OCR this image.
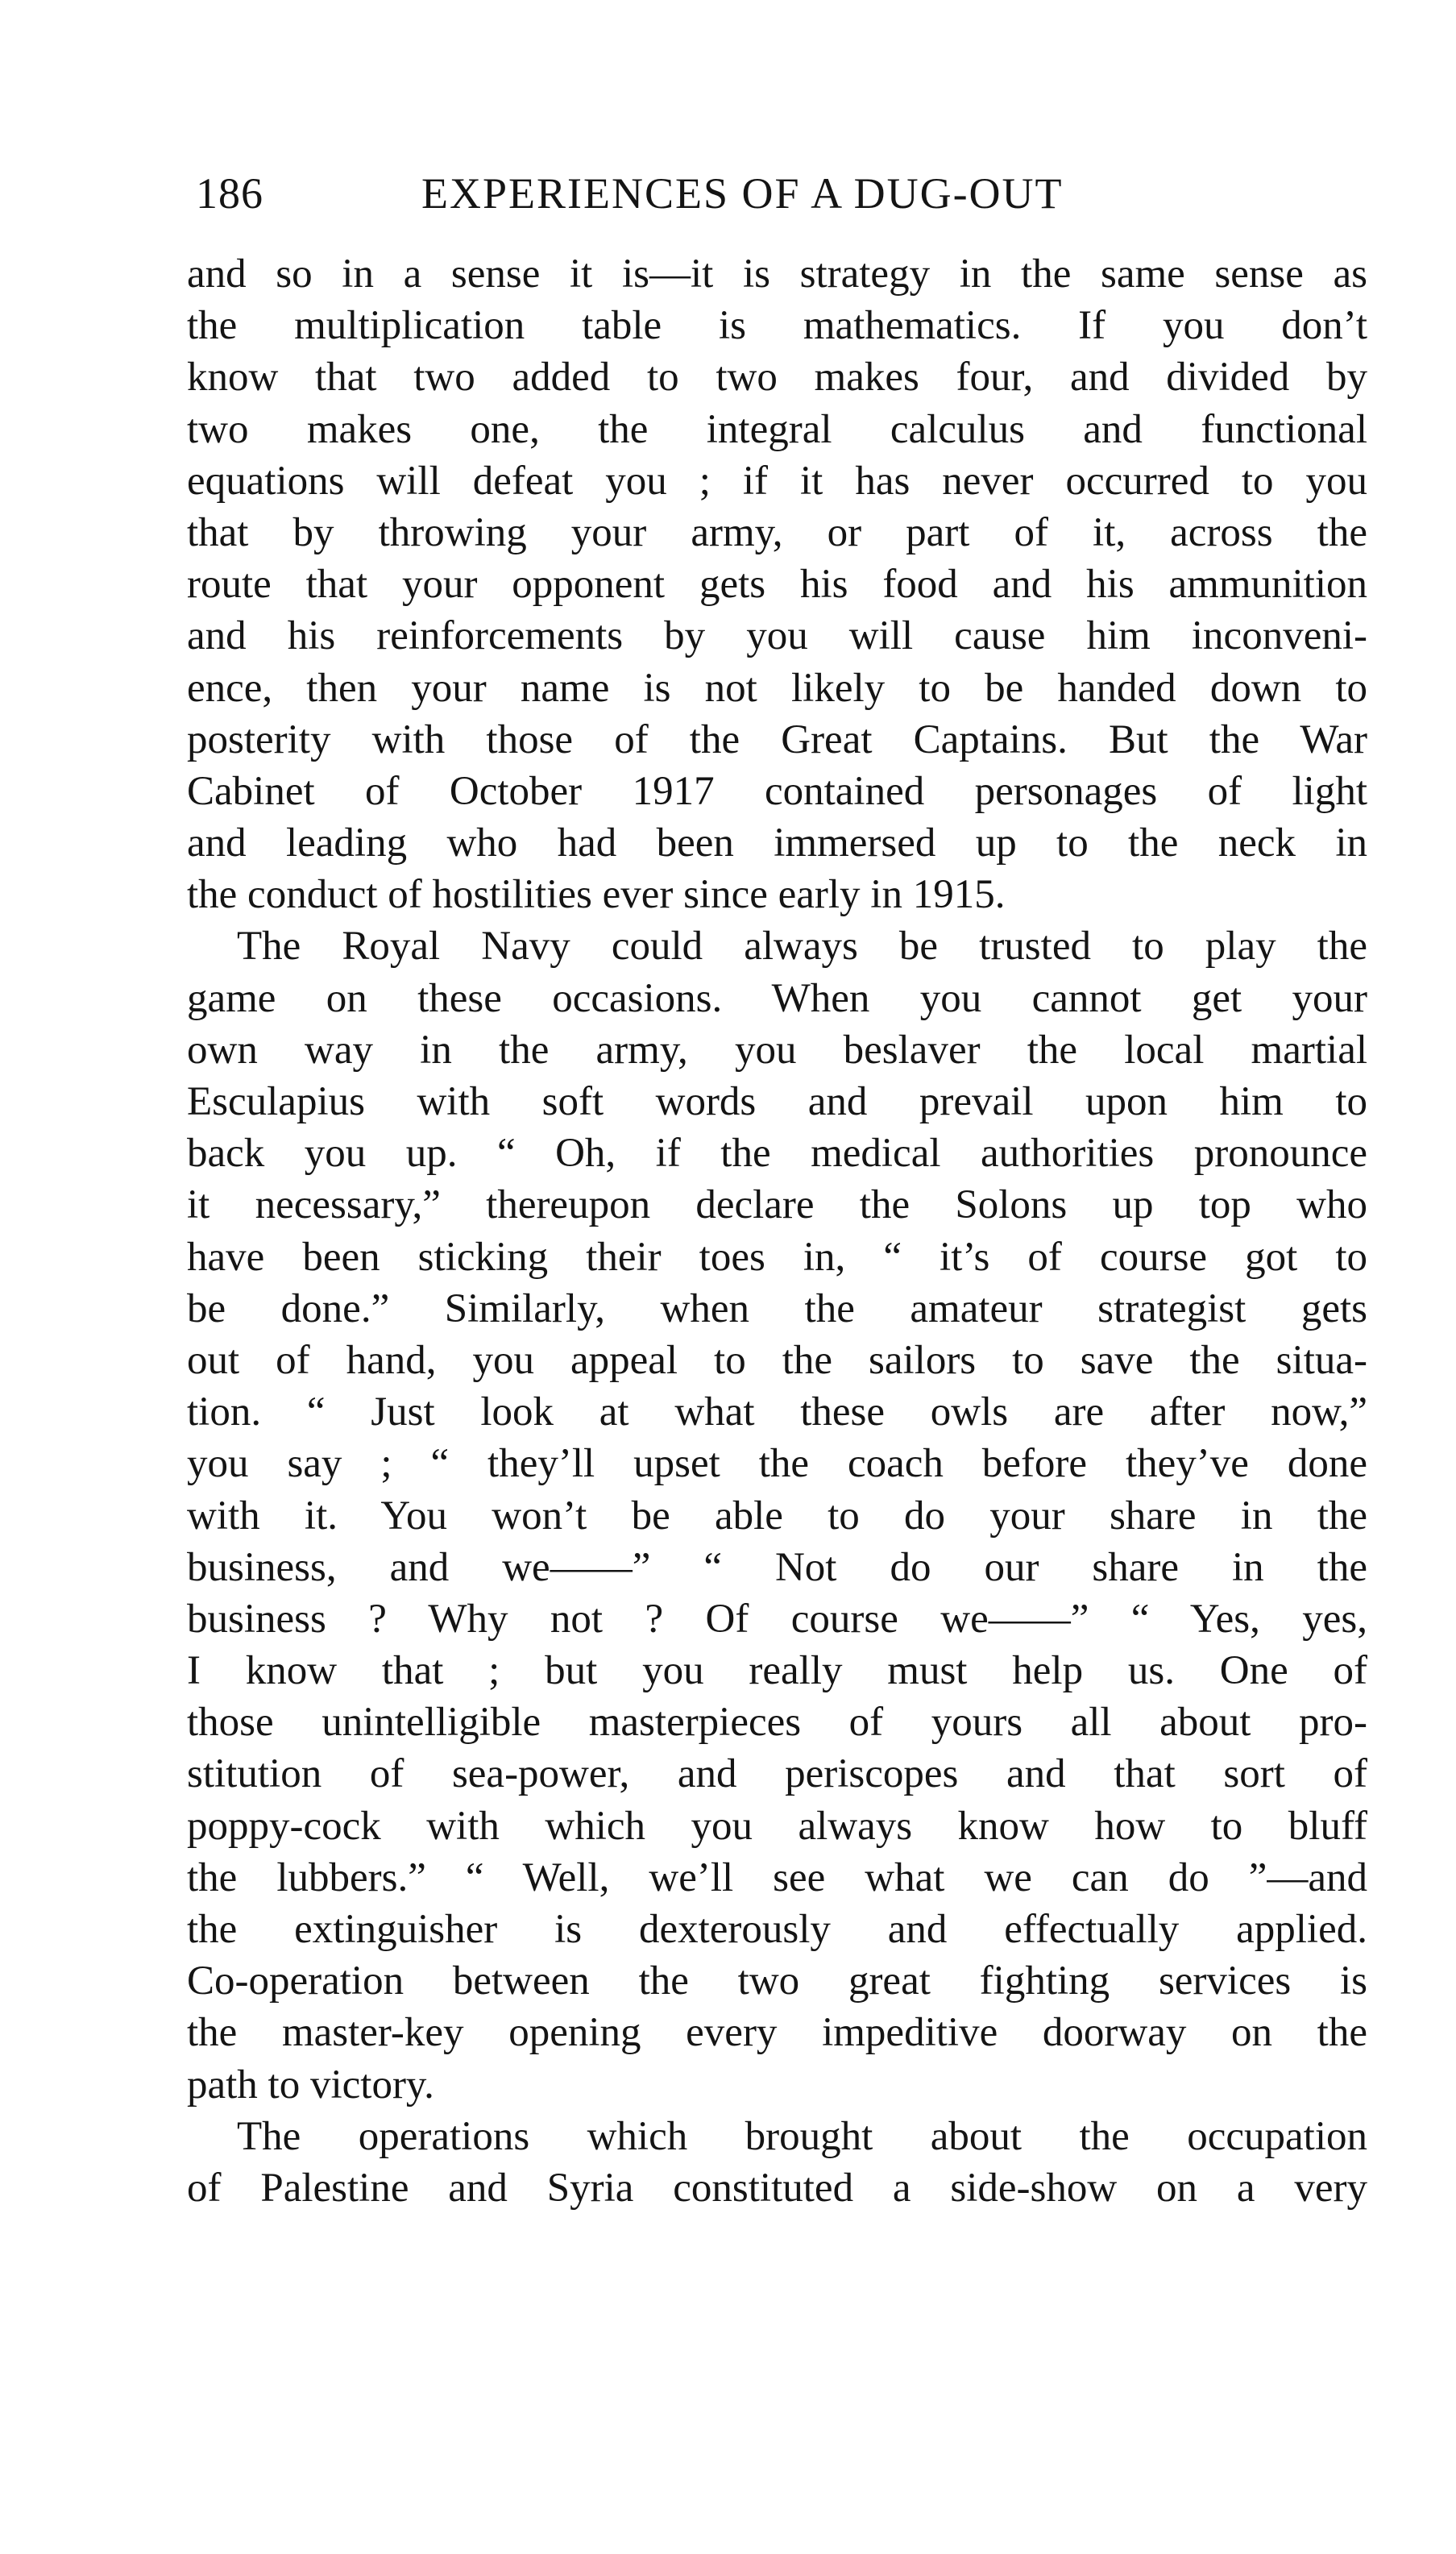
186	EXPERIENCES OF A DUG-OUT
and so in a sense it is—it is strategy in the same sense as
the multiplication table is mathematics. If you don’t
know that two added to two makes four, and divided by
two makes one, the integral calculus and functional
equations will defeat you ; if it has never occurred to you
that by throwing your army, or part of it, across the
route that your opponent gets his food and his ammunition
and his reinforcements by you will cause him inconveni-
ence, then your name is not likely to be handed down to
posterity with those of the Great Captains. But the War
Cabinet of October 1917 contained personages of light
and leading who had been immersed up to the neck in
the conduct of hostilities ever since early in 1915.
The Royal Navy could always be trusted to play the
game on these occasions. When you cannot get your
own way in the army, you beslaver the local martial
Esculapius with soft words and prevail upon him to
back you up. “ Oh, if the medical authorities pronounce
it necessary,” thereupon declare the Solons up top who
have been sticking their toes in, “ it’s of course got to
be done.” Similarly, when the amateur strategist gets
out of hand, you appeal to the sailors to save the situa-
tion. “ Just look at what these owls are after now,”
you say ; “ they’ll upset the coach before they’ve done
with it. You won’t be able to do your share in the
business, and we——” “ Not do our share in the
business ? Why not ? Of course we——” “ Yes, yes,
I know that ; but you really must help us. One of
those unintelligible masterpieces of yours all about pro-
stitution of sea-power, and periscopes and that sort of
poppy-cock with which you always know how to bluff
the lubbers.” “ Well, we’ll see what we can do ”—and
the extinguisher is dexterously and effectually applied.
Co-operation between the two great fighting services is
the master-key opening every impeditive doorway on the
path to victory.
The operations which brought about the occupation
of Palestine and Syria constituted a side-show on a very
